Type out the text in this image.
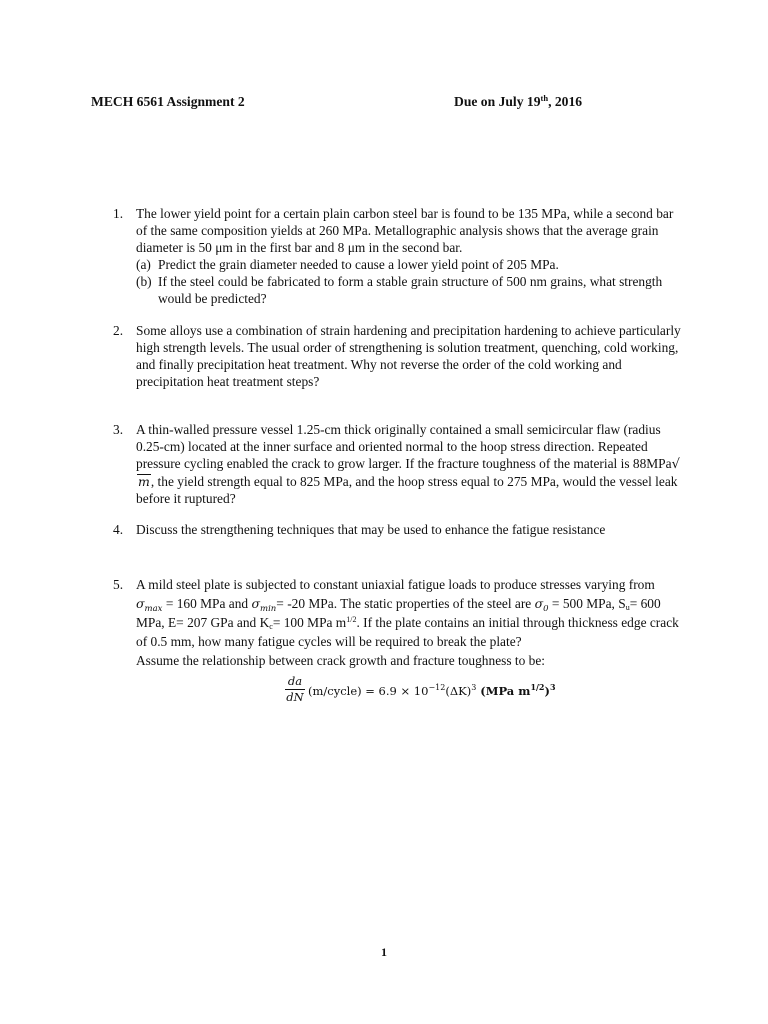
MECH 6561 Assignment 2	Due on July 19th, 2016
1. The lower yield point for a certain plain carbon steel bar is found to be 135 MPa, while a second bar of the same composition yields at 260 MPa. Metallographic analysis shows that the average grain diameter is 50 μm in the first bar and 8 μm in the second bar.

(a) Predict the grain diameter needed to cause a lower yield point of 205 MPa.
(b) If the steel could be fabricated to form a stable grain structure of 500 nm grains, what strength would be predicted?
2. Some alloys use a combination of strain hardening and precipitation hardening to achieve particularly high strength levels. The usual order of strengthening is solution treatment, quenching, cold working, and finally precipitation heat treatment. Why not reverse the order of the cold working and precipitation heat treatment steps?

3. A thin-walled pressure vessel 1.25-cm thick originally contained a small semicircular flaw (radius 0.25-cm) located at the inner surface and oriented normal to the hoop stress direction. Repeated pressure cycling enabled the crack to grow larger. If the fracture toughness of the material is 88MPa√m, the yield strength equal to 825 MPa, and the hoop stress equal to 275 MPa, would the vessel leak before it ruptured?

4. Discuss the strengthening techniques that may be used to enhance the fatigue resistance

5. A mild steel plate is subjected to constant uniaxial fatigue loads to produce stresses varying from $\sigma_{max} = 160$ MPa and $\sigma_{min}= -20$ MPa. The static properties of the steel are $\sigma_0 = 500$ MPa, $S_u= 600$ MPa, E= 207 GPa and $K_c= 100$ MPa $m^{1/2}$. If the plate contains an initial through thickness edge crack of 0.5 mm, how many fatigue cycles will be required to break the plate?

Assume the relationship between crack growth and fracture toughness to be:

$\frac{da}{dN}$ (m/cycle) = $6.9 \times 10^{-12}(\Delta K)^3$ (MPa $m^{1/2})^3$
1
